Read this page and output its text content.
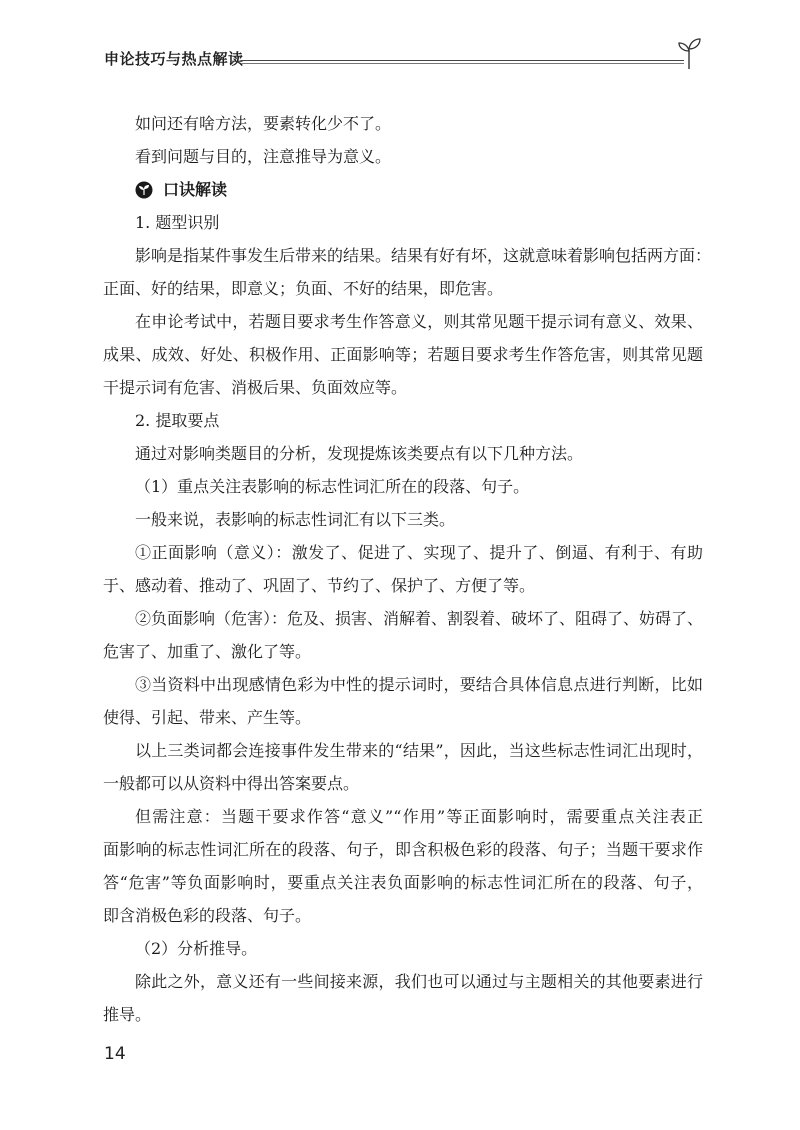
申论技巧与热点解读
如问还有啥方法，要素转化少不了。
看到问题与目的，注意推导为意义。
口诀解读
1. 题型识别
影响是指某件事发生后带来的结果。结果有好有坏，这就意味着影响包括两方面：
正面、好的结果，即意义；负面、不好的结果，即危害。
在申论考试中，若题目要求考生作答意义，则其常见题干提示词有意义、效果、
成果、成效、好处、积极作用、正面影响等；若题目要求考生作答危害，则其常见题
干提示词有危害、消极后果、负面效应等。
2. 提取要点
通过对影响类题目的分析，发现提炼该类要点有以下几种方法。
（1）重点关注表影响的标志性词汇所在的段落、句子。
一般来说，表影响的标志性词汇有以下三类。
①正面影响（意义）：激发了、促进了、实现了、提升了、倒逼、有利于、有助
于、感动着、推动了、巩固了、节约了、保护了、方便了等。
②负面影响（危害）：危及、损害、消解着、割裂着、破坏了、阻碍了、妨碍了、
危害了、加重了、激化了等。
③当资料中出现感情色彩为中性的提示词时，要结合具体信息点进行判断，比如
使得、引起、带来、产生等。
以上三类词都会连接事件发生带来的“结果”，因此，当这些标志性词汇出现时，
一般都可以从资料中得出答案要点。
但需注意：当题干要求作答“意义”“作用”等正面影响时，需要重点关注表正
面影响的标志性词汇所在的段落、句子，即含积极色彩的段落、句子；当题干要求作
答“危害”等负面影响时，要重点关注表负面影响的标志性词汇所在的段落、句子，
即含消极色彩的段落、句子。
（2）分析推导。
除此之外，意义还有一些间接来源，我们也可以通过与主题相关的其他要素进行
推导。
14
